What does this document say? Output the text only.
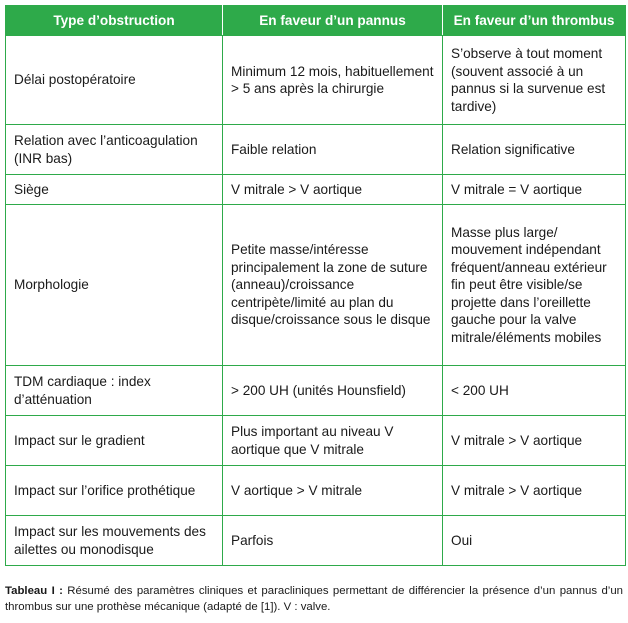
Type d’obstruction	En faveur d’un pannus	En faveur d’un thrombus
Délai postopératoire	Minimum 12 mois, habituellement > 5 ans après la chirurgie	S’observe à tout moment (souvent associé à un pannus si la survenue est tardive)
Relation avec l’anticoagulation (INR bas)	Faible relation	Relation significative
Siège	V mitrale > V aortique	V mitrale = V aortique
Morphologie	Petite masse/intéresse principalement la zone de suture (anneau)/croissance centripète/limité au plan du disque/croissance sous le disque	Masse plus large/ mouvement indépendant fréquent/anneau extérieur fin peut être visible/se projette dans l’oreillette gauche pour la valve mitrale/éléments mobiles
TDM cardiaque : index d’atténuation	> 200 UH (unités Hounsfield)	< 200 UH
Impact sur le gradient	Plus important au niveau V aortique que V mitrale	V mitrale > V aortique
Impact sur l’orifice prothétique	V aortique > V mitrale	V mitrale > V aortique
Impact sur les mouvements des ailettes ou monodisque	Parfois	Oui
Tableau I : Résumé des paramètres cliniques et paracliniques permettant de différencier la présence d’un pannus d’un thrombus sur une prothèse mécanique (adapté de [1]). V : valve.
